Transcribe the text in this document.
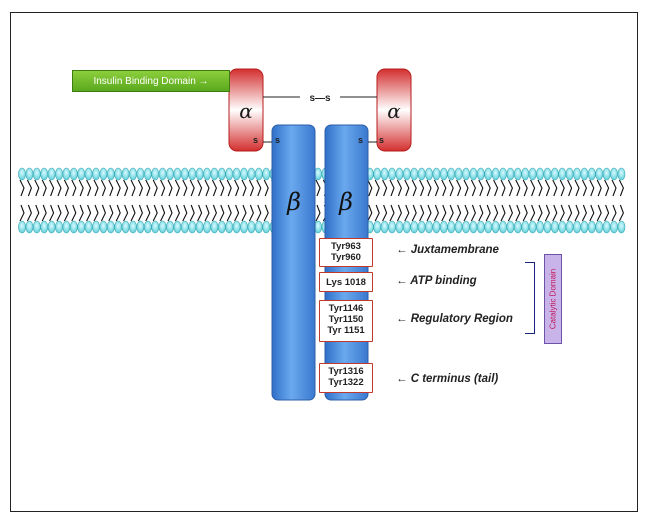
s—s
s s	s s
α	α
β β
Insulin Binding Domain →
Tyr963
Tyr960
Lys 1018
Tyr1146
Tyr1150
Tyr 1151
Tyr1316
Tyr1322
← Juxtamembrane
← ATP binding
← Regulatory Region
← C terminus (tail)
Catalytic Domain
